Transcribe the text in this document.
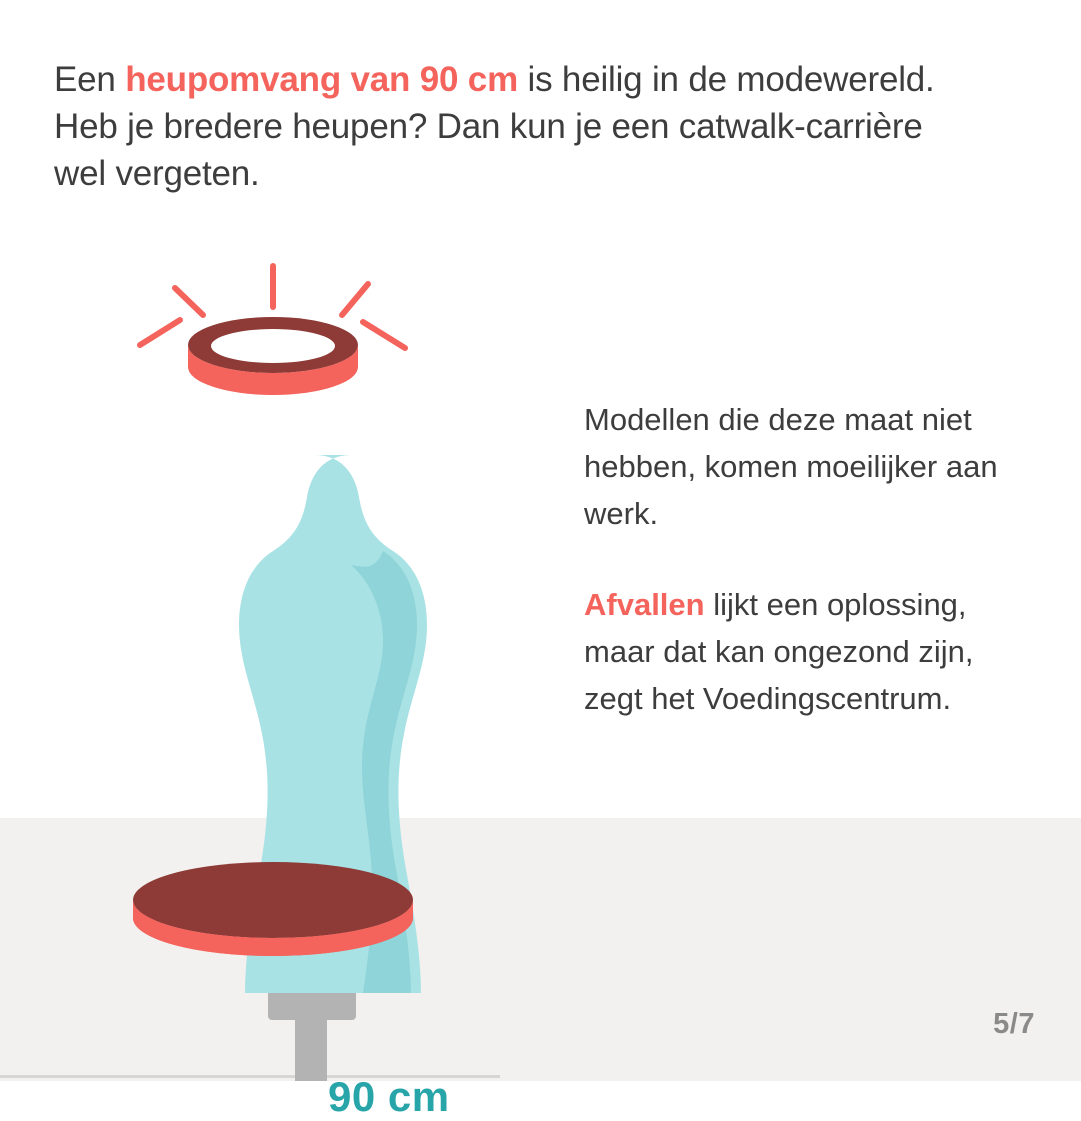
Een heupomvang van 90 cm is heilig in de modewereld. Heb je bredere heupen? Dan kun je een catwalk-carrière wel vergeten.
90 cm

Modellen die deze maat niet hebben, komen moeilijker aan werk.

Afvallen lijkt een oplossing, maar dat kan ongezond zijn, zegt het Voedingscentrum.

5/7
